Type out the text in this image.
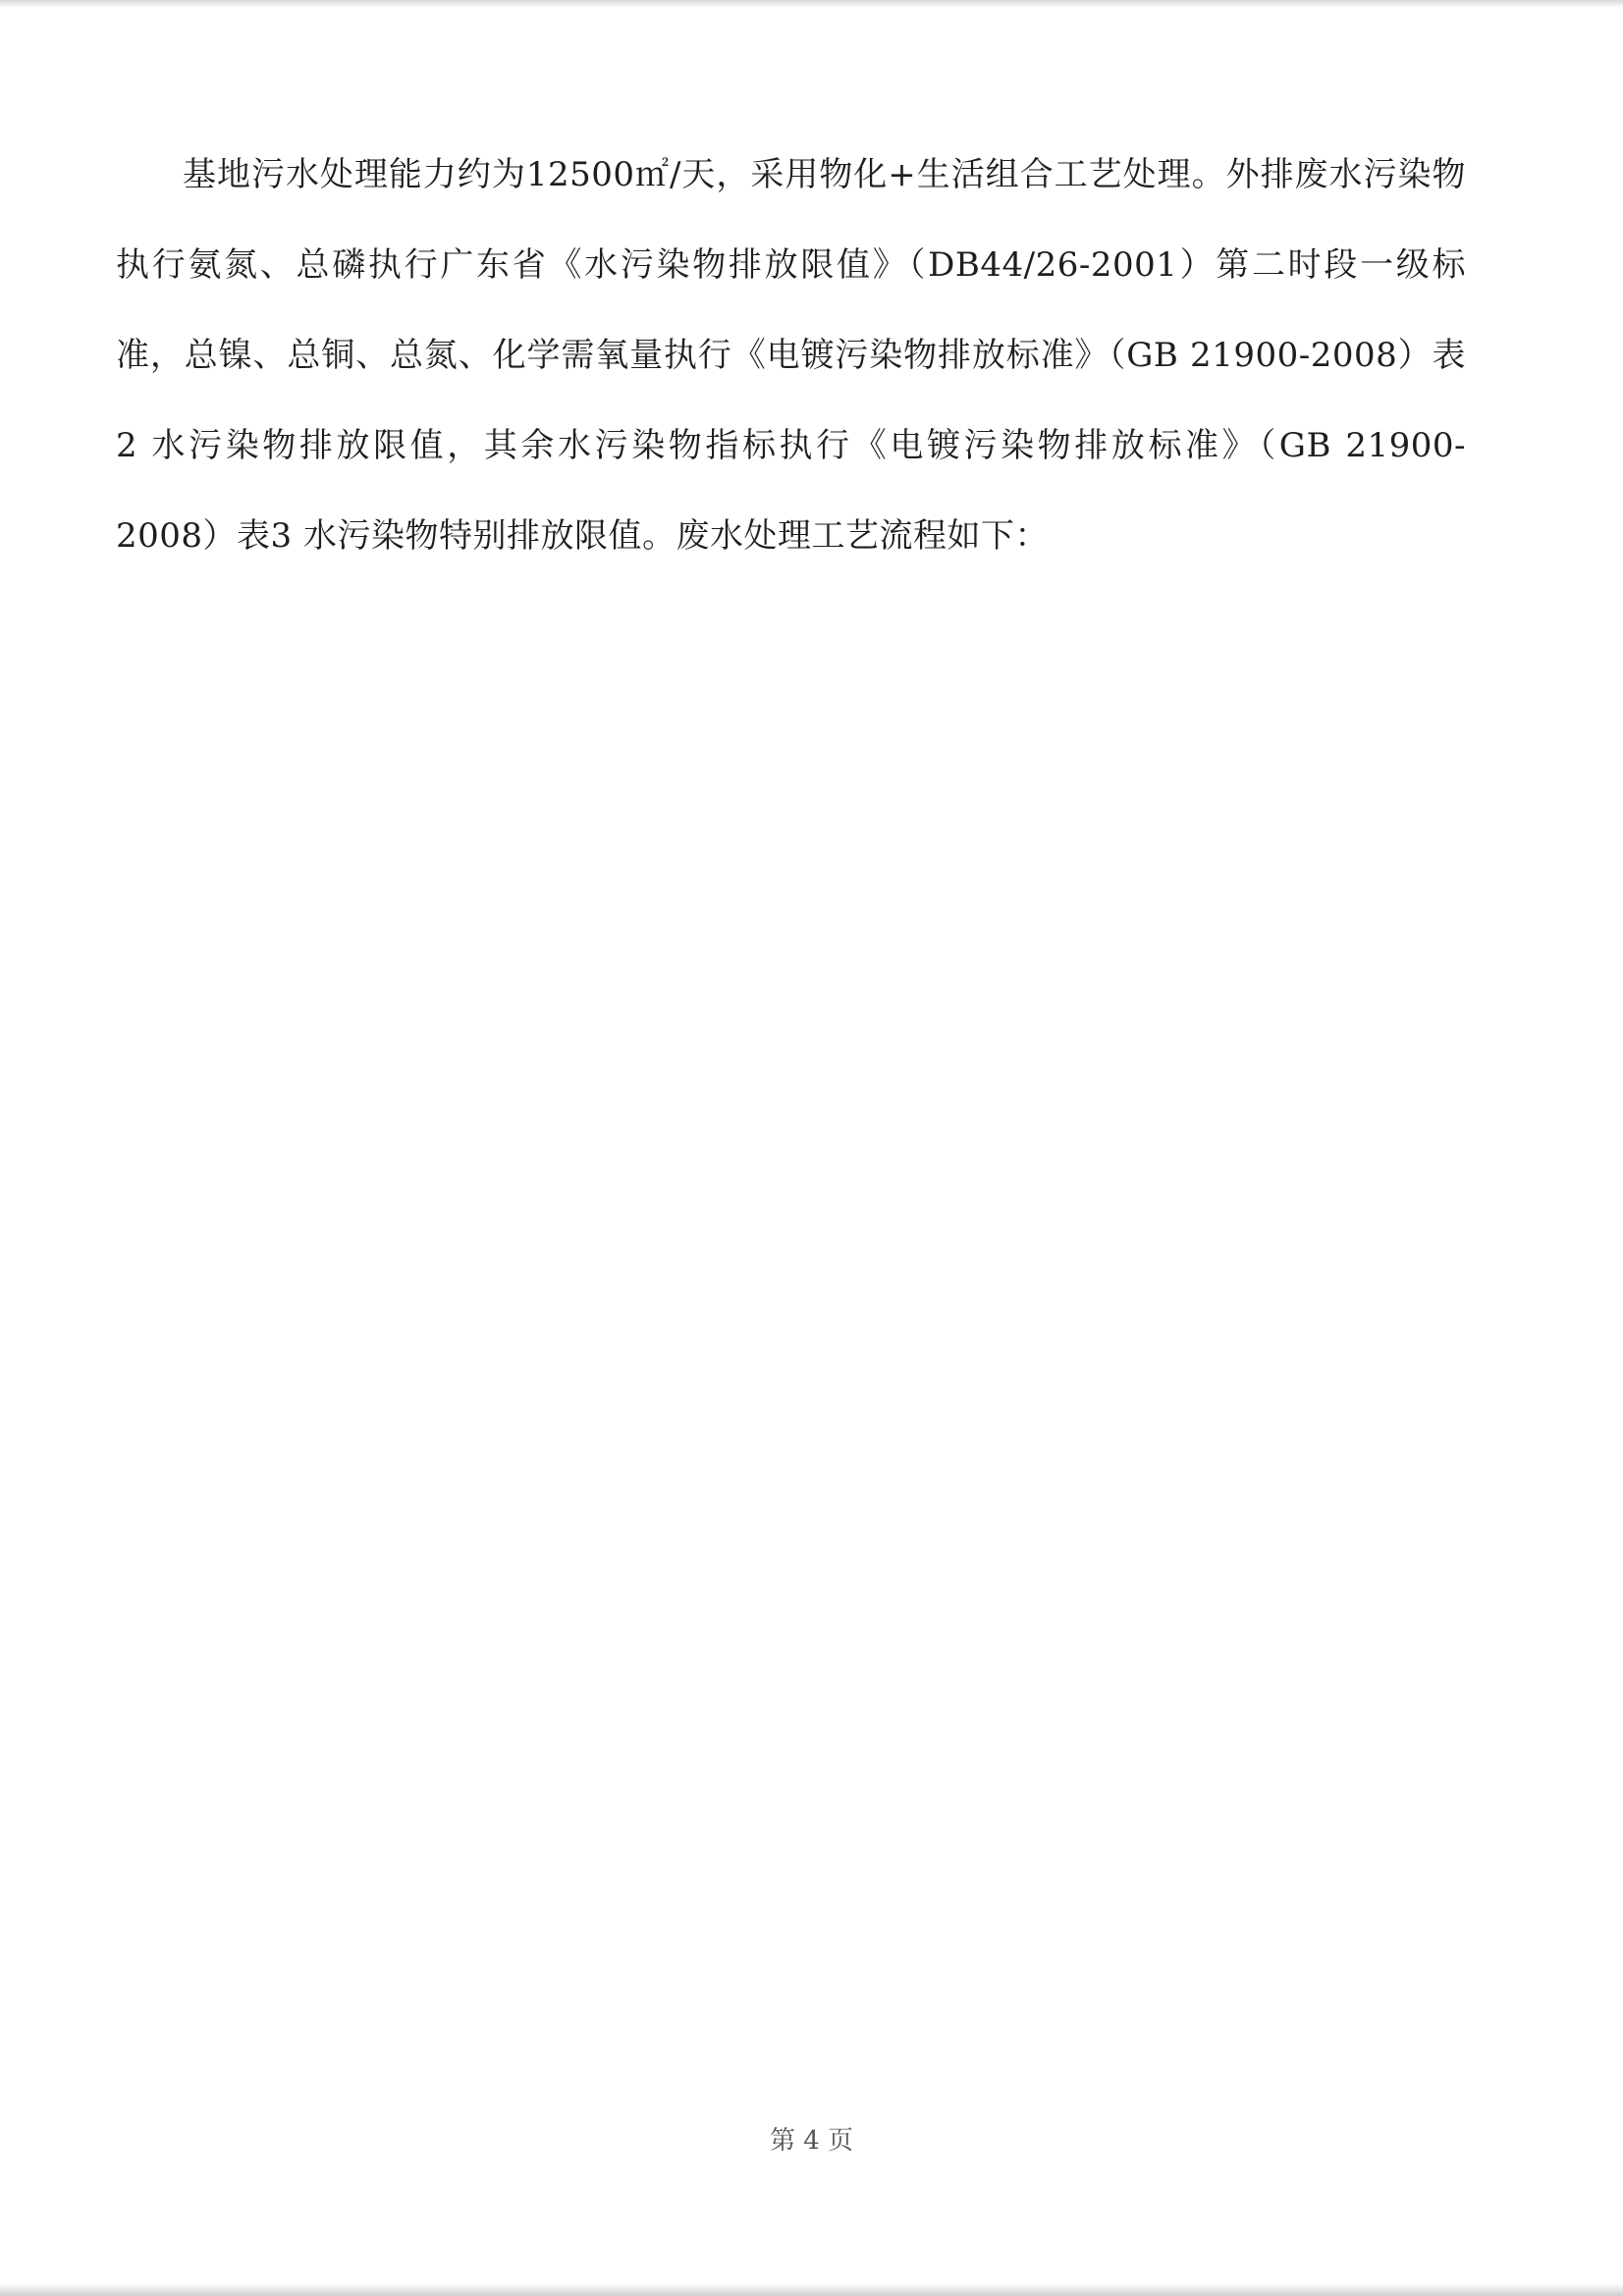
基地污水处理能力约为12500㎡/天，采用物化+生活组合工艺处理。外排废水污染物执行氨氮、总磷执行广东省《水污染物排放限值》（DB44/26-2001）第二时段一级标准，总镍、总铜、总氮、化学需氧量执行《电镀污染物排放标准》（GB 21900-2008）表2 水污染物排放限值，其余水污染物指标执行《电镀污染物排放标准》（GB 21900-2008）表3 水污染物特别排放限值。废水处理工艺流程如下：

第 4 页
